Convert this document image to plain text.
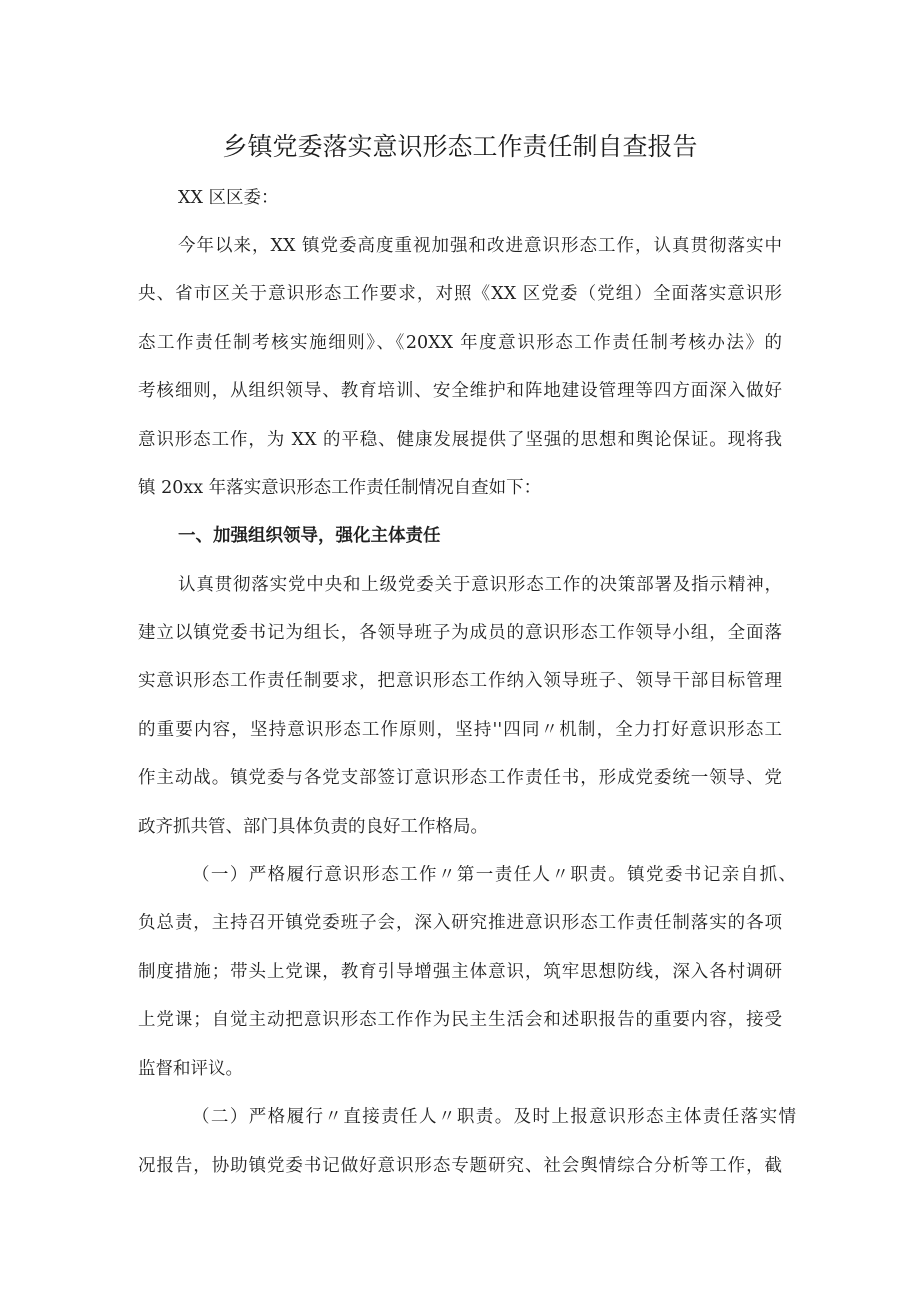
乡镇党委落实意识形态工作责任制自查报告
XX 区区委：
今年以来，XX 镇党委高度重视加强和改进意识形态工作，认真贯彻落实中
央、省市区关于意识形态工作要求，对照《XX 区党委（党组）全面落实意识形
态工作责任制考核实施细则》、《20XX 年度意识形态工作责任制考核办法》的
考核细则，从组织领导、教育培训、安全维护和阵地建设管理等四方面深入做好
意识形态工作，为 XX 的平稳、健康发展提供了坚强的思想和舆论保证。现将我
镇 20xx 年落实意识形态工作责任制情况自查如下：
一、加强组织领导，强化主体责任
认真贯彻落实党中央和上级党委关于意识形态工作的决策部署及指示精神，
建立以镇党委书记为组长，各领导班子为成员的意识形态工作领导小组，全面落
实意识形态工作责任制要求，把意识形态工作纳入领导班子、领导干部目标管理
的重要内容，坚持意识形态工作原则，坚持''四同〃机制，全力打好意识形态工
作主动战。镇党委与各党支部签订意识形态工作责任书，形成党委统一领导、党
政齐抓共管、部门具体负责的良好工作格局。
（一）严格履行意识形态工作〃第一责任人〃职责。镇党委书记亲自抓、
负总责，主持召开镇党委班子会，深入研究推进意识形态工作责任制落实的各项
制度措施；带头上党课，教育引导增强主体意识，筑牢思想防线，深入各村调研
上党课；自觉主动把意识形态工作作为民主生活会和述职报告的重要内容，接受
监督和评议。
（二）严格履行〃直接责任人〃职责。及时上报意识形态主体责任落实情
况报告，协助镇党委书记做好意识形态专题研究、社会舆情综合分析等工作，截
